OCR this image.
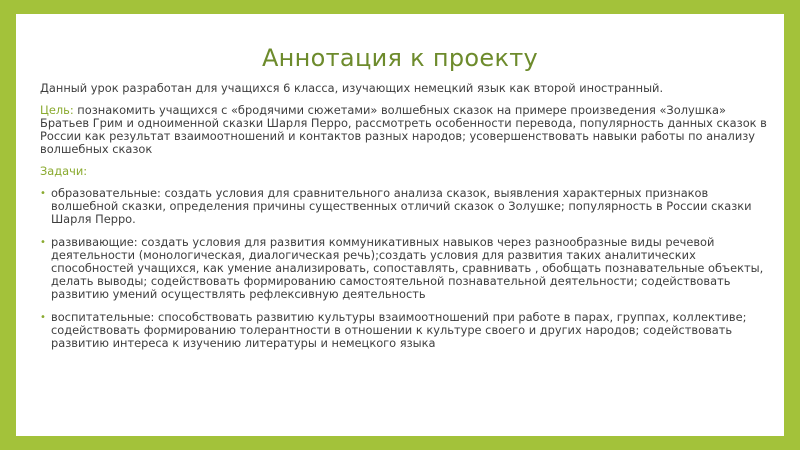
Аннотация к проекту

Данный урок разработан для учащихся 6 класса, изучающих немецкий язык как второй иностранный.

Цель: познакомить учащихся с «бродячими сюжетами» волшебных сказок на примере произведения «Золушка» Братьев Грим и одноименной сказки Шарля Перро, рассмотреть особенности перевода, популярность данных сказок в России как результат взаимоотношений и контактов разных народов; усовершенствовать навыки работы по анализу волшебных сказок

Задачи:

• образовательные: создать условия для сравнительного анализа сказок, выявления характерных признаков волшебной сказки, определения причины существенных отличий сказок о Золушке; популярность в России сказки Шарля Перро.
• развивающие: создать условия для развития коммуникативных навыков через разнообразные виды речевой деятельности (монологическая, диалогическая речь);создать условия для развития таких аналитических способностей учащихся, как умение анализировать, сопоставлять, сравнивать , обобщать познавательные объекты, делать выводы; содействовать формированию самостоятельной познавательной деятельности; содействовать развитию умений осуществлять рефлексивную деятельность
• воспитательные: способствовать развитию культуры взаимоотношений при работе в парах, группах, коллективе; содействовать формированию толерантности в отношении к культуре своего и других народов; содействовать развитию интереса к изучению литературы и немецкого языка
